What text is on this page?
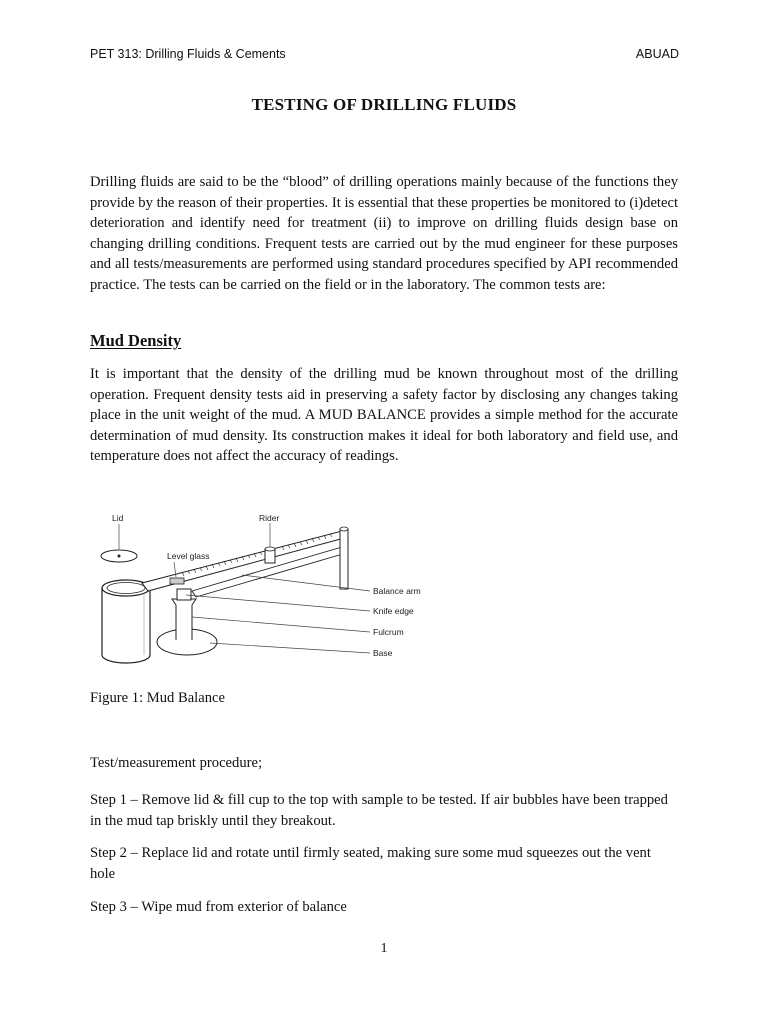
PET 313: Drilling Fluids & Cements	ABUAD
TESTING OF DRILLING FLUIDS

Drilling fluids are said to be the “blood” of drilling operations mainly because of the functions they provide by the reason of their properties. It is essential that these properties be monitored to (i)detect deterioration and identify need for treatment (ii) to improve on drilling fluids design base on changing drilling conditions. Frequent tests are carried out by the mud engineer for these purposes and all tests/measurements are performed using standard procedures specified by API recommended practice. The tests can be carried on the field or in the laboratory. The common tests are:

Mud Density

It is important that the density of the drilling mud be known throughout most of the drilling operation. Frequent density tests aid in preserving a safety factor by disclosing any changes taking place in the unit weight of the mud. A MUD BALANCE provides a simple method for the accurate determination of mud density. Its construction makes it ideal for both laboratory and field use, and temperature does not affect the accuracy of readings.

Lid	Rider
Level glass
Balance arm
Knife edge
Fulcrum
Base
Figure 1: Mud Balance
Test/measurement procedure;

Step 1 – Remove lid & fill cup to the top with sample to be tested. If air bubbles have been trapped in the mud tap briskly until they breakout.

Step 2 – Replace lid and rotate until firmly seated, making sure some mud squeezes out the vent hole

Step 3 – Wipe mud from exterior of balance

1
